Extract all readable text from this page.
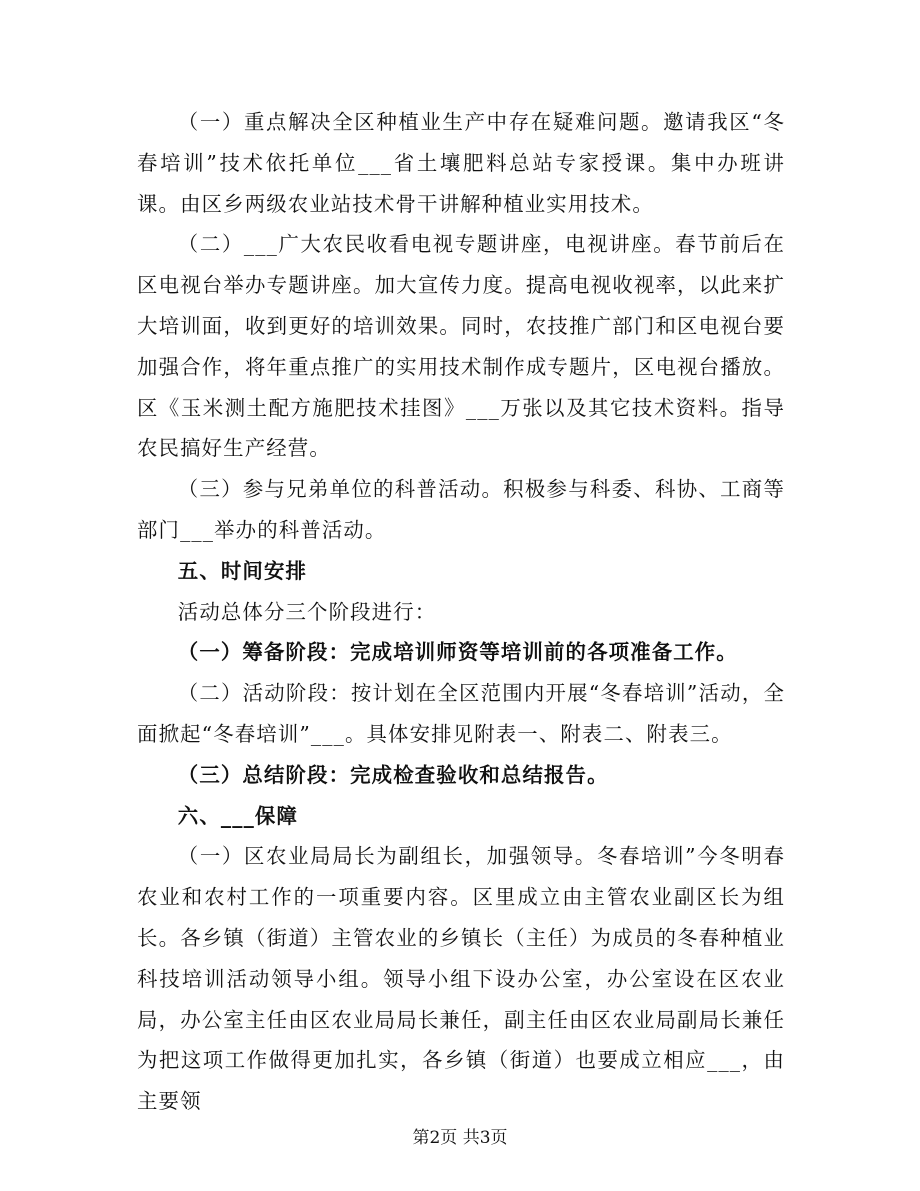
（一）重点解决全区种植业生产中存在疑难问题。邀请我区“冬春培训”技术依托单位___省土壤肥料总站专家授课。集中办班讲课。由区乡两级农业站技术骨干讲解种植业实用技术。

（二）___广大农民收看电视专题讲座，电视讲座。春节前后在区电视台举办专题讲座。加大宣传力度。提高电视收视率，以此来扩大培训面，收到更好的培训效果。同时，农技推广部门和区电视台要加强合作，将年重点推广的实用技术制作成专题片，区电视台播放。区《玉米测土配方施肥技术挂图》___万张以及其它技术资料。指导农民搞好生产经营。

（三）参与兄弟单位的科普活动。积极参与科委、科协、工商等部门___举办的科普活动。

五、时间安排

活动总体分三个阶段进行：

（一）筹备阶段：完成培训师资等培训前的各项准备工作。

（二）活动阶段：按计划在全区范围内开展“冬春培训”活动，全面掀起“冬春培训”___。具体安排见附表一、附表二、附表三。

（三）总结阶段：完成检查验收和总结报告。

六、___保障

（一）区农业局局长为副组长，加强领导。冬春培训”今冬明春农业和农村工作的一项重要内容。区里成立由主管农业副区长为组长。各乡镇（街道）主管农业的乡镇长（主任）为成员的冬春种植业科技培训活动领导小组。领导小组下设办公室，办公室设在区农业局，办公室主任由区农业局局长兼任，副主任由区农业局副局长兼任为把这项工作做得更加扎实，各乡镇（街道）也要成立相应___，由主要领

第2页 共3页
